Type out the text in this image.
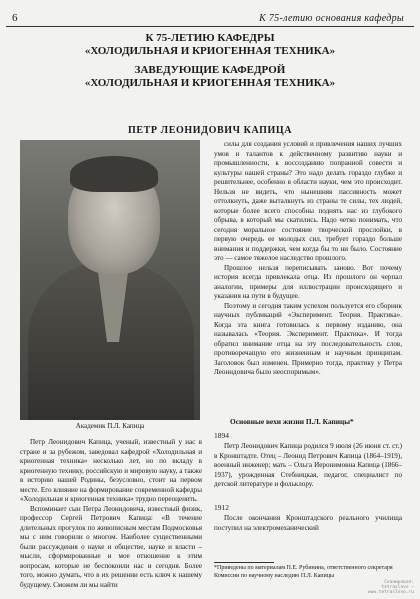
6	К 75-летию основания кафедры
К 75-ЛЕТИЮ КАФЕДРЫ
«ХОЛОДИЛЬНАЯ И КРИОГЕННАЯ ТЕХНИКА»
ЗАВЕДУЮЩИЕ КАФЕДРОЙ
«ХОЛОДИЛЬНАЯ И КРИОГЕННАЯ ТЕХНИКА»
ПЕТР ЛЕОНИДОВИЧ КАПИЦА
Академик П.Л. Капица

Петр Леонидович Капица, ученый, известный у нас в стране и за рубежом, заведовал кафедрой «Холодильная и криогенная техника» несколько лет, но по вкладу в криогенную технику, российскую и мировую науку, а также в историю нашей Родины, безусловно, стоит на первом месте. Его влияние на формирование современной кафедры «Холодильная и криогенная техника» трудно переоценить.

Вспоминает сын Петра Леонидовича, известный физик, профессор Сергей Петрович Капица: «В течение длительных прогулок по живописным местам Подмосковья мы с ним говорили о многом. Наиболее существенными были рассуждения о науке и обществе, науке и власти – мысли, сформированные и мое отношение к этим вопросам, которые не беспокоили нас и сегодня. Более того, можно думать, что в их решении есть ключ к нашему будущему. Сможем ли мы найти

силы для создания условий и привлечения наших лучших умов и талантов к действенному развитию науки и промышленности, к воссозданию попранной совести и культуры нашей страны? Это надо делать гораздо глубже и решительнее, особенно в области науки, чем это происходит. Нельзя не видеть, что нынешняя пассивность может оттолкнуть, даже выталкнуть из страны те силы, тех людей, которые более всего способны поднять нас из глубокого обрыва, в который мы скатились. Надо четко понимать, что сегодня моральное состояние творческой прослойки, в первую очередь ее молодых сил, требует гораздо больше внимания и поддержки, чем когда бы то ни было. Состояние это — самое тяжелое наследство прошлого.

Прошлое нельзя переписывать заново. Вот почему история всегда привлекала отца. Из прошлого он черпал аналогии, примеры для иллюстрации происходящего и указания на пути в будущее.

Поэтому и сегодня таким успехом пользуется его сборник научных публикаций «Эксперимент. Теория. Практика». Когда эта книга готовилась к первому изданию, она называлась «Теория. Эксперимент. Практика». И тогда обратил внимание отца на эту последовательность слов, противоречащую его жизненным и научным принципам. Заголовок был изменен. Примерно тогда, практику у Петра Леонидовича было неоспоримым».

Основные вехи жизни П.Л. Капицы*
1894

Петр Леонидович Капица родился 9 июля (26 июня ст. ст.) в Кронштадте. Отец – Леонид Петрович Капица (1864–1919), военный инженер; мать – Ольга Иеронимовна Капица (1866–1937), урожденная Стебницкая, педагог, специалист по детской литературе и фольклору.

1912

После окончания Кронштадского реального училища поступил на электромеханический

*Приведены по материалам П.Е. Рубинина, ответственного секретаря Комиссии по научному наследию П.Л. Капицы
Сканировал: tetraslovo — www.tetraslovo.ru
